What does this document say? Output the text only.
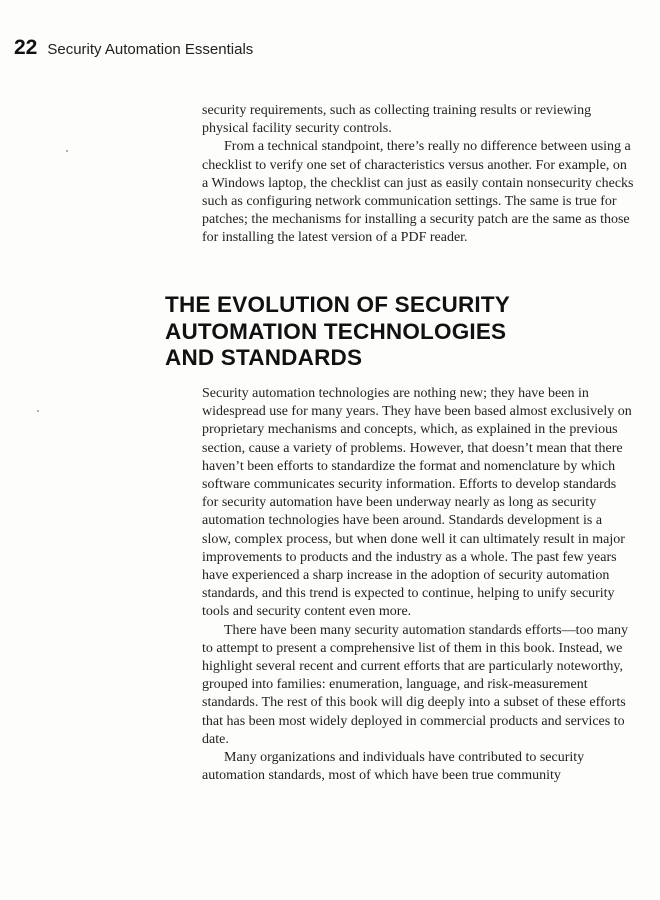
22 Security Automation Essentials

security requirements, such as collecting training results or reviewing physical facility security controls.

From a technical standpoint, there’s really no difference between using a checklist to verify one set of characteristics versus another. For example, on a Windows laptop, the checklist can just as easily contain nonsecurity checks such as configuring network communication settings. The same is true for patches; the mechanisms for installing a security patch are the same as those for installing the latest version of a PDF reader.

THE EVOLUTION OF SECURITY
AUTOMATION TECHNOLOGIES
AND STANDARDS

Security automation technologies are nothing new; they have been in widespread use for many years. They have been based almost exclusively on proprietary mechanisms and concepts, which, as explained in the previous section, cause a variety of problems. However, that doesn’t mean that there haven’t been efforts to standardize the format and nomenclature by which software communicates security information. Efforts to develop standards for security automation have been underway nearly as long as security automation technologies have been around. Standards development is a slow, complex process, but when done well it can ultimately result in major improvements to products and the industry as a whole. The past few years have experienced a sharp increase in the adoption of security automation standards, and this trend is expected to continue, helping to unify security tools and security content even more.

There have been many security automation standards efforts—too many to attempt to present a comprehensive list of them in this book. Instead, we highlight several recent and current efforts that are particularly noteworthy, grouped into families: enumeration, language, and risk-measurement standards. The rest of this book will dig deeply into a subset of these efforts that has been most widely deployed in commercial products and services to date.

Many organizations and individuals have contributed to security automation standards, most of which have been true community
